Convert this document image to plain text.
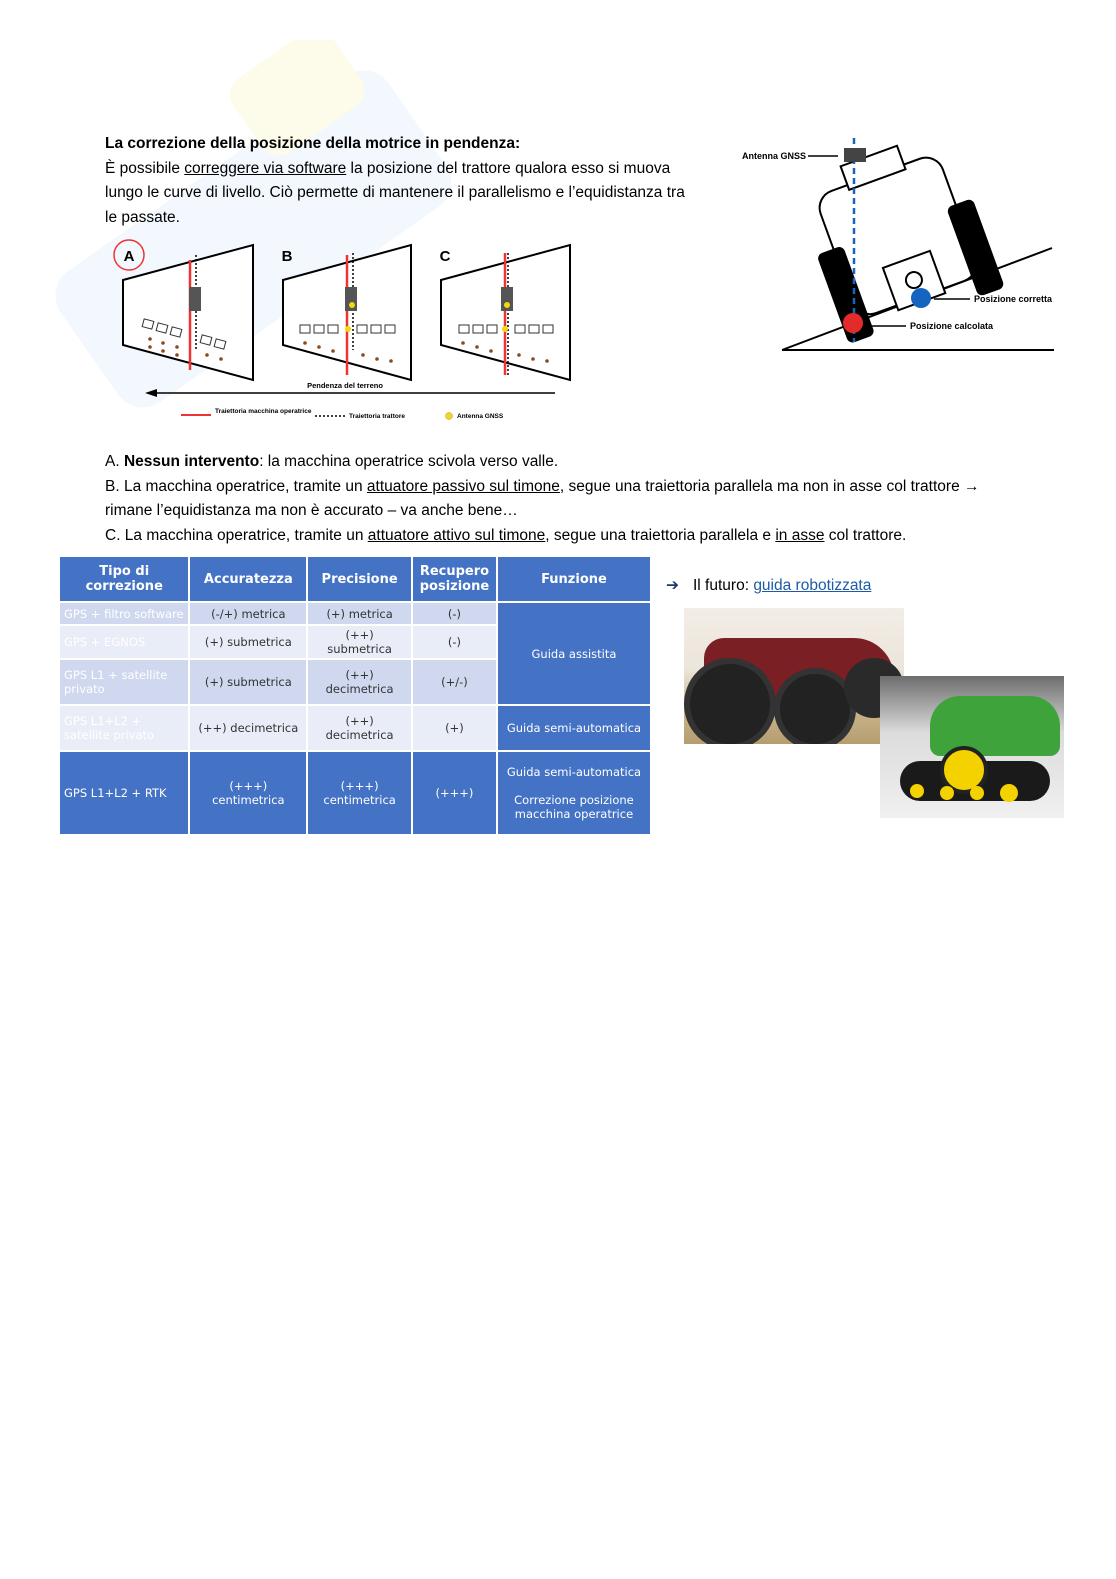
La correzione della posizione della motrice in pendenza:
È possibile correggere via software la posizione del trattore qualora esso si muova lungo le curve di livello. Ciò permette di mantenere il parallelismo e l’equidistanza tra le passate.
A	B	C
Pendenza del terreno
Traiettoria macchina operatrice
Traiettoria trattore	Antenna GNSS
Antenna GNSS
Posizione corretta
Posizione calcolata
A. Nessun intervento: la macchina operatrice scivola verso valle.
B. La macchina operatrice, tramite un attuatore passivo sul timone, segue una traiettoria parallela ma non in asse col trattore → rimane l’equidistanza ma non è accurato – va anche bene…
C. La macchina operatrice, tramite un attuatore attivo sul timone, segue una traiettoria parallela e in asse col trattore.
Tipo di correzione	Accuratezza	Precisione	Recupero posizione	Funzione
GPS + filtro software	(-/+) metrica	(+) metrica	(-)	Guida assistita
GPS + EGNOS	(+) submetrica	(++) submetrica	(-)	
GPS L1 + satellite privato	(+) submetrica	(++) decimetrica	(+/-)	
GPS L1+L2 + satellite privato	(++) decimetrica	(++) decimetrica	(+)	Guida semi-automatica
GPS L1+L2 + RTK	(+++) centimetrica	(+++) centimetrica	(+++)	Guida semi-automatica
Correzione posizione macchina operatrice
➔ Il futuro: guida robotizzata
